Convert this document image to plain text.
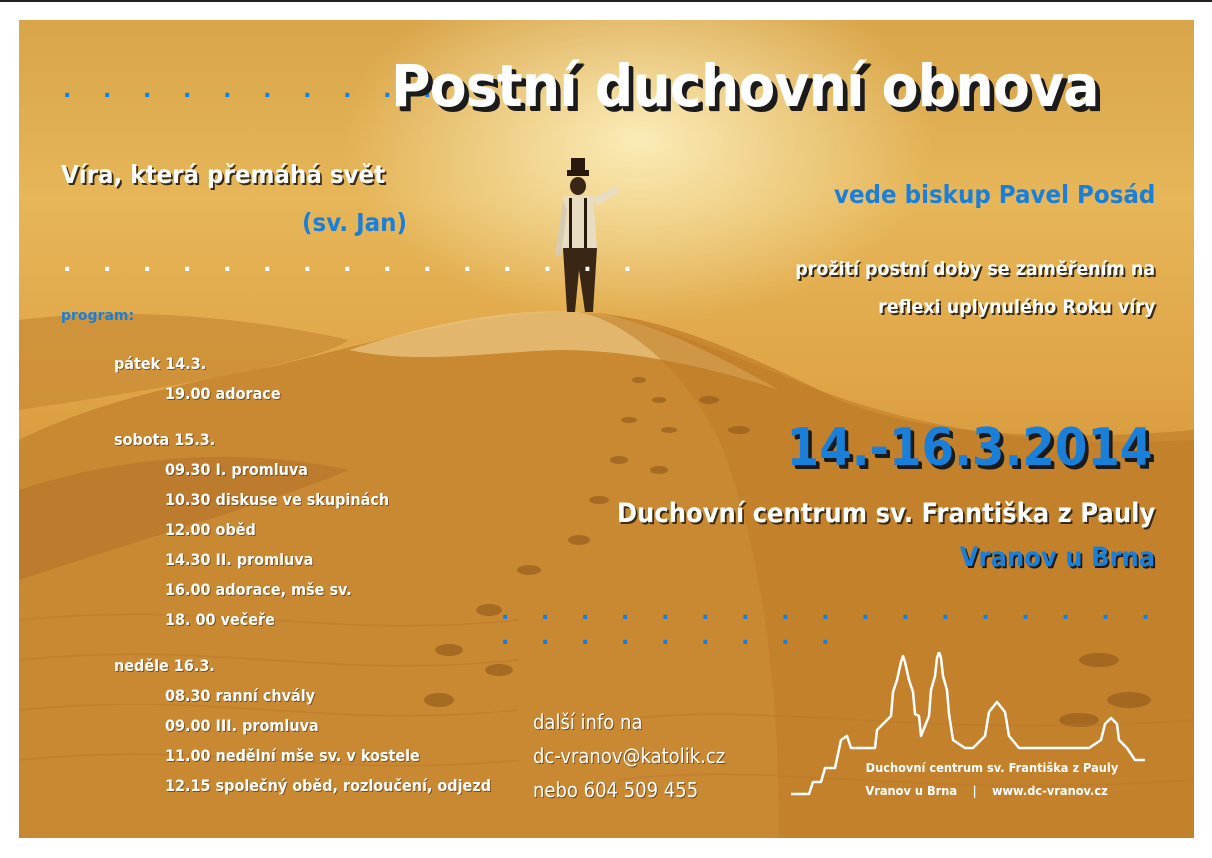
. . . . . . . . . . . .
Postní duchovní obnova
Víra, která přemáhá svět
(sv. Jan)
. . . . . . . . . . . . . . .
vede biskup Pavel Posád
prožití postní doby se zaměřením na
reflexi uplynulého Roku víry
program:
pátek 14.3.
19.00 adorace
sobota 15.3.
09.30 I. promluva
10.30 diskuse ve skupinách
12.00 oběd
14.30 II. promluva
16.00 adorace, mše sv.
18. 00 večeře
neděle 16.3.
08.30 ranní chvály
09.00 III. promluva
11.00 nedělní mše sv. v kostele
12.15 společný oběd, rozloučení, odjezd
14.-16.3.2014
Duchovní centrum sv. Františka z Pauly
Vranov u Brna
. . . . . . . . . . . . . . . . . . . . . . . . . .
další info na
dc-vranov@katolik.cz
nebo 604 509 455
Duchovní centrum sv. Františka z Pauly
Vranov u Brna | www.dc-vranov.cz
